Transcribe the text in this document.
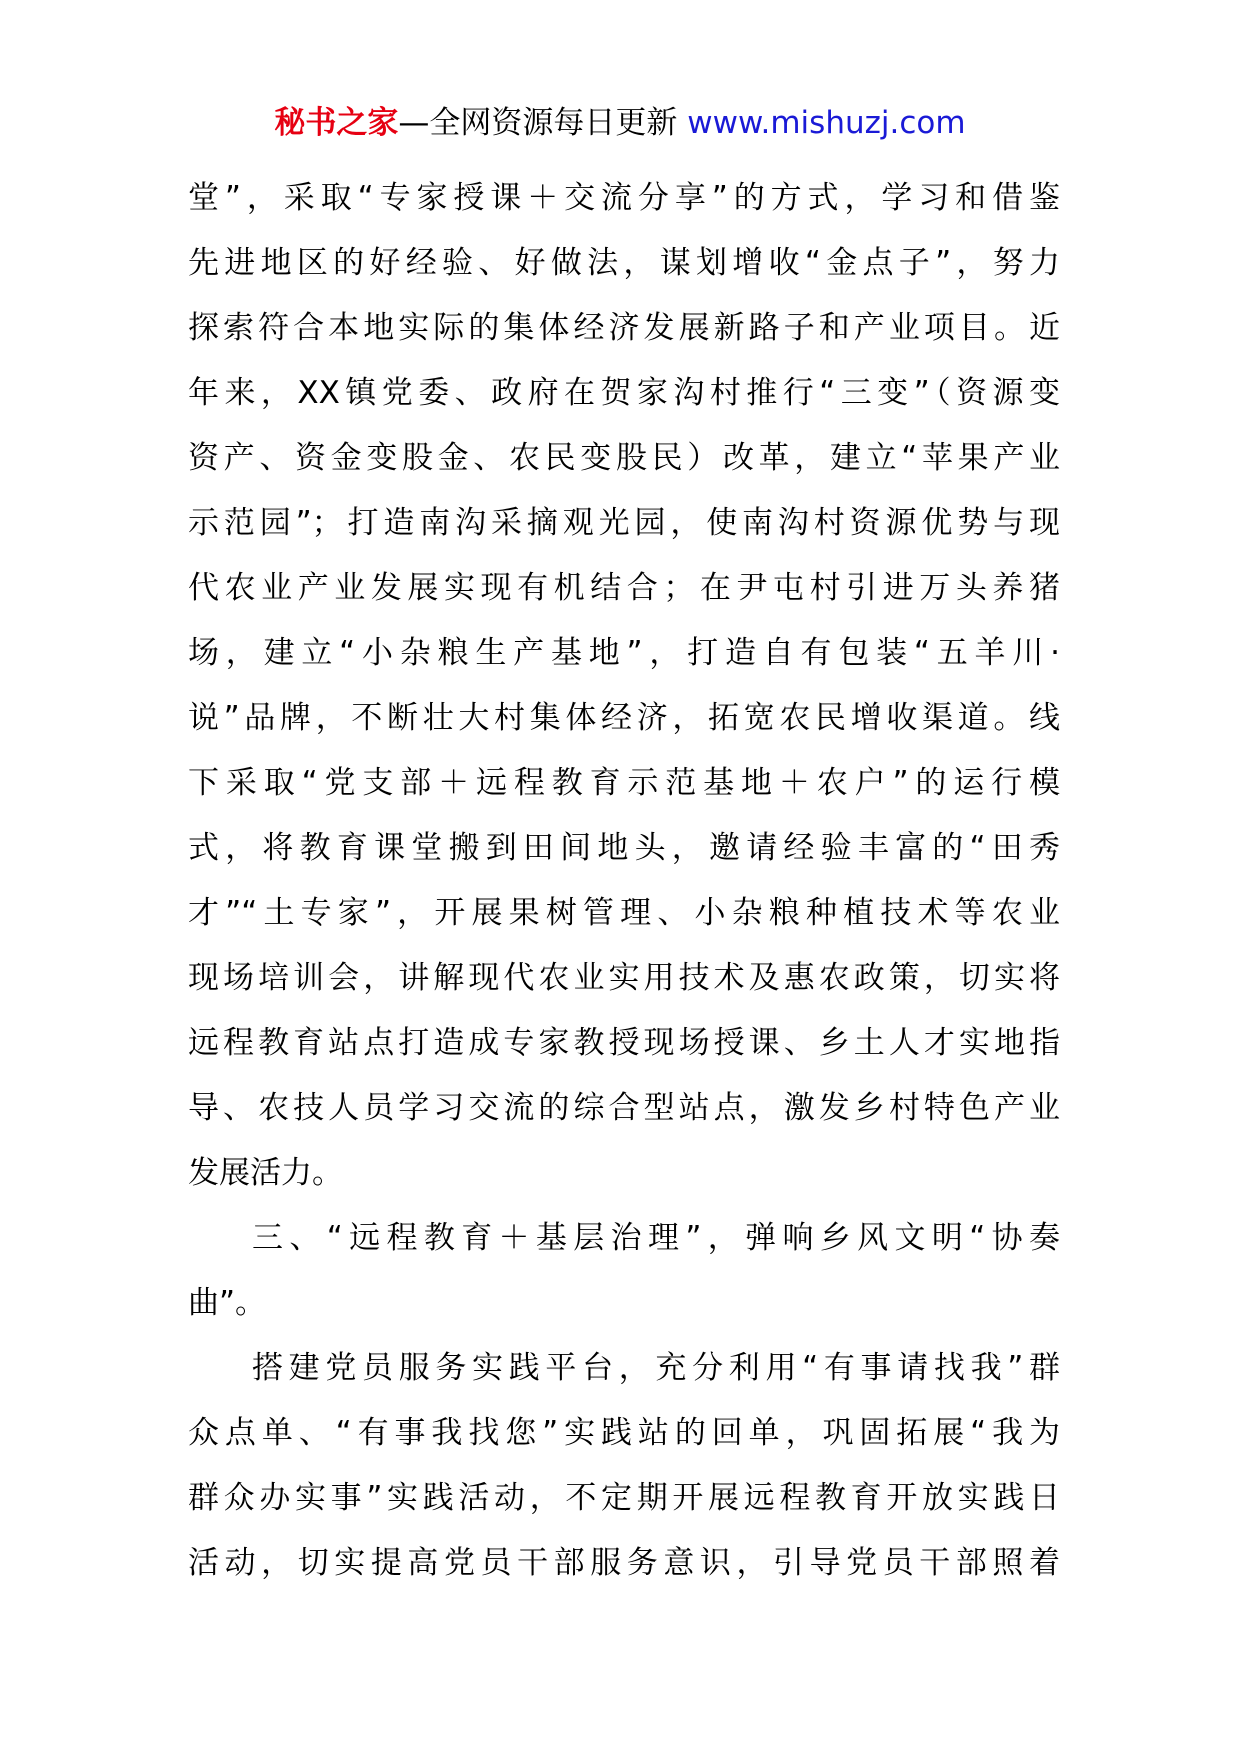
秘书之家—全网资源每日更新 www.mishuzj.com
堂”，采取“专家授课＋交流分享”的方式，学习和借鉴
先进地区的好经验、好做法，谋划增收“金点子”，努力
探索符合本地实际的集体经济发展新路子和产业项目。近
年来，XX镇党委、政府在贺家沟村推行“三变”（资源变
资产、资金变股金、农民变股民）改革，建立“苹果产业
示范园”；打造南沟采摘观光园，使南沟村资源优势与现
代农业产业发展实现有机结合；在尹屯村引进万头养猪
场，建立“小杂粮生产基地”，打造自有包装“五羊川·
说”品牌，不断壮大村集体经济，拓宽农民增收渠道。线
下采取“党支部＋远程教育示范基地＋农户”的运行模
式，将教育课堂搬到田间地头，邀请经验丰富的“田秀
才”“土专家”，开展果树管理、小杂粮种植技术等农业
现场培训会，讲解现代农业实用技术及惠农政策，切实将
远程教育站点打造成专家教授现场授课、乡土人才实地指
导、农技人员学习交流的综合型站点，激发乡村特色产业
发展活力。
三、“远程教育＋基层治理”，弹响乡风文明“协奏
曲”。
搭建党员服务实践平台，充分利用“有事请找我”群
众点单、“有事我找您”实践站的回单，巩固拓展“我为
群众办实事”实践活动，不定期开展远程教育开放实践日
活动，切实提高党员干部服务意识，引导党员干部照着
